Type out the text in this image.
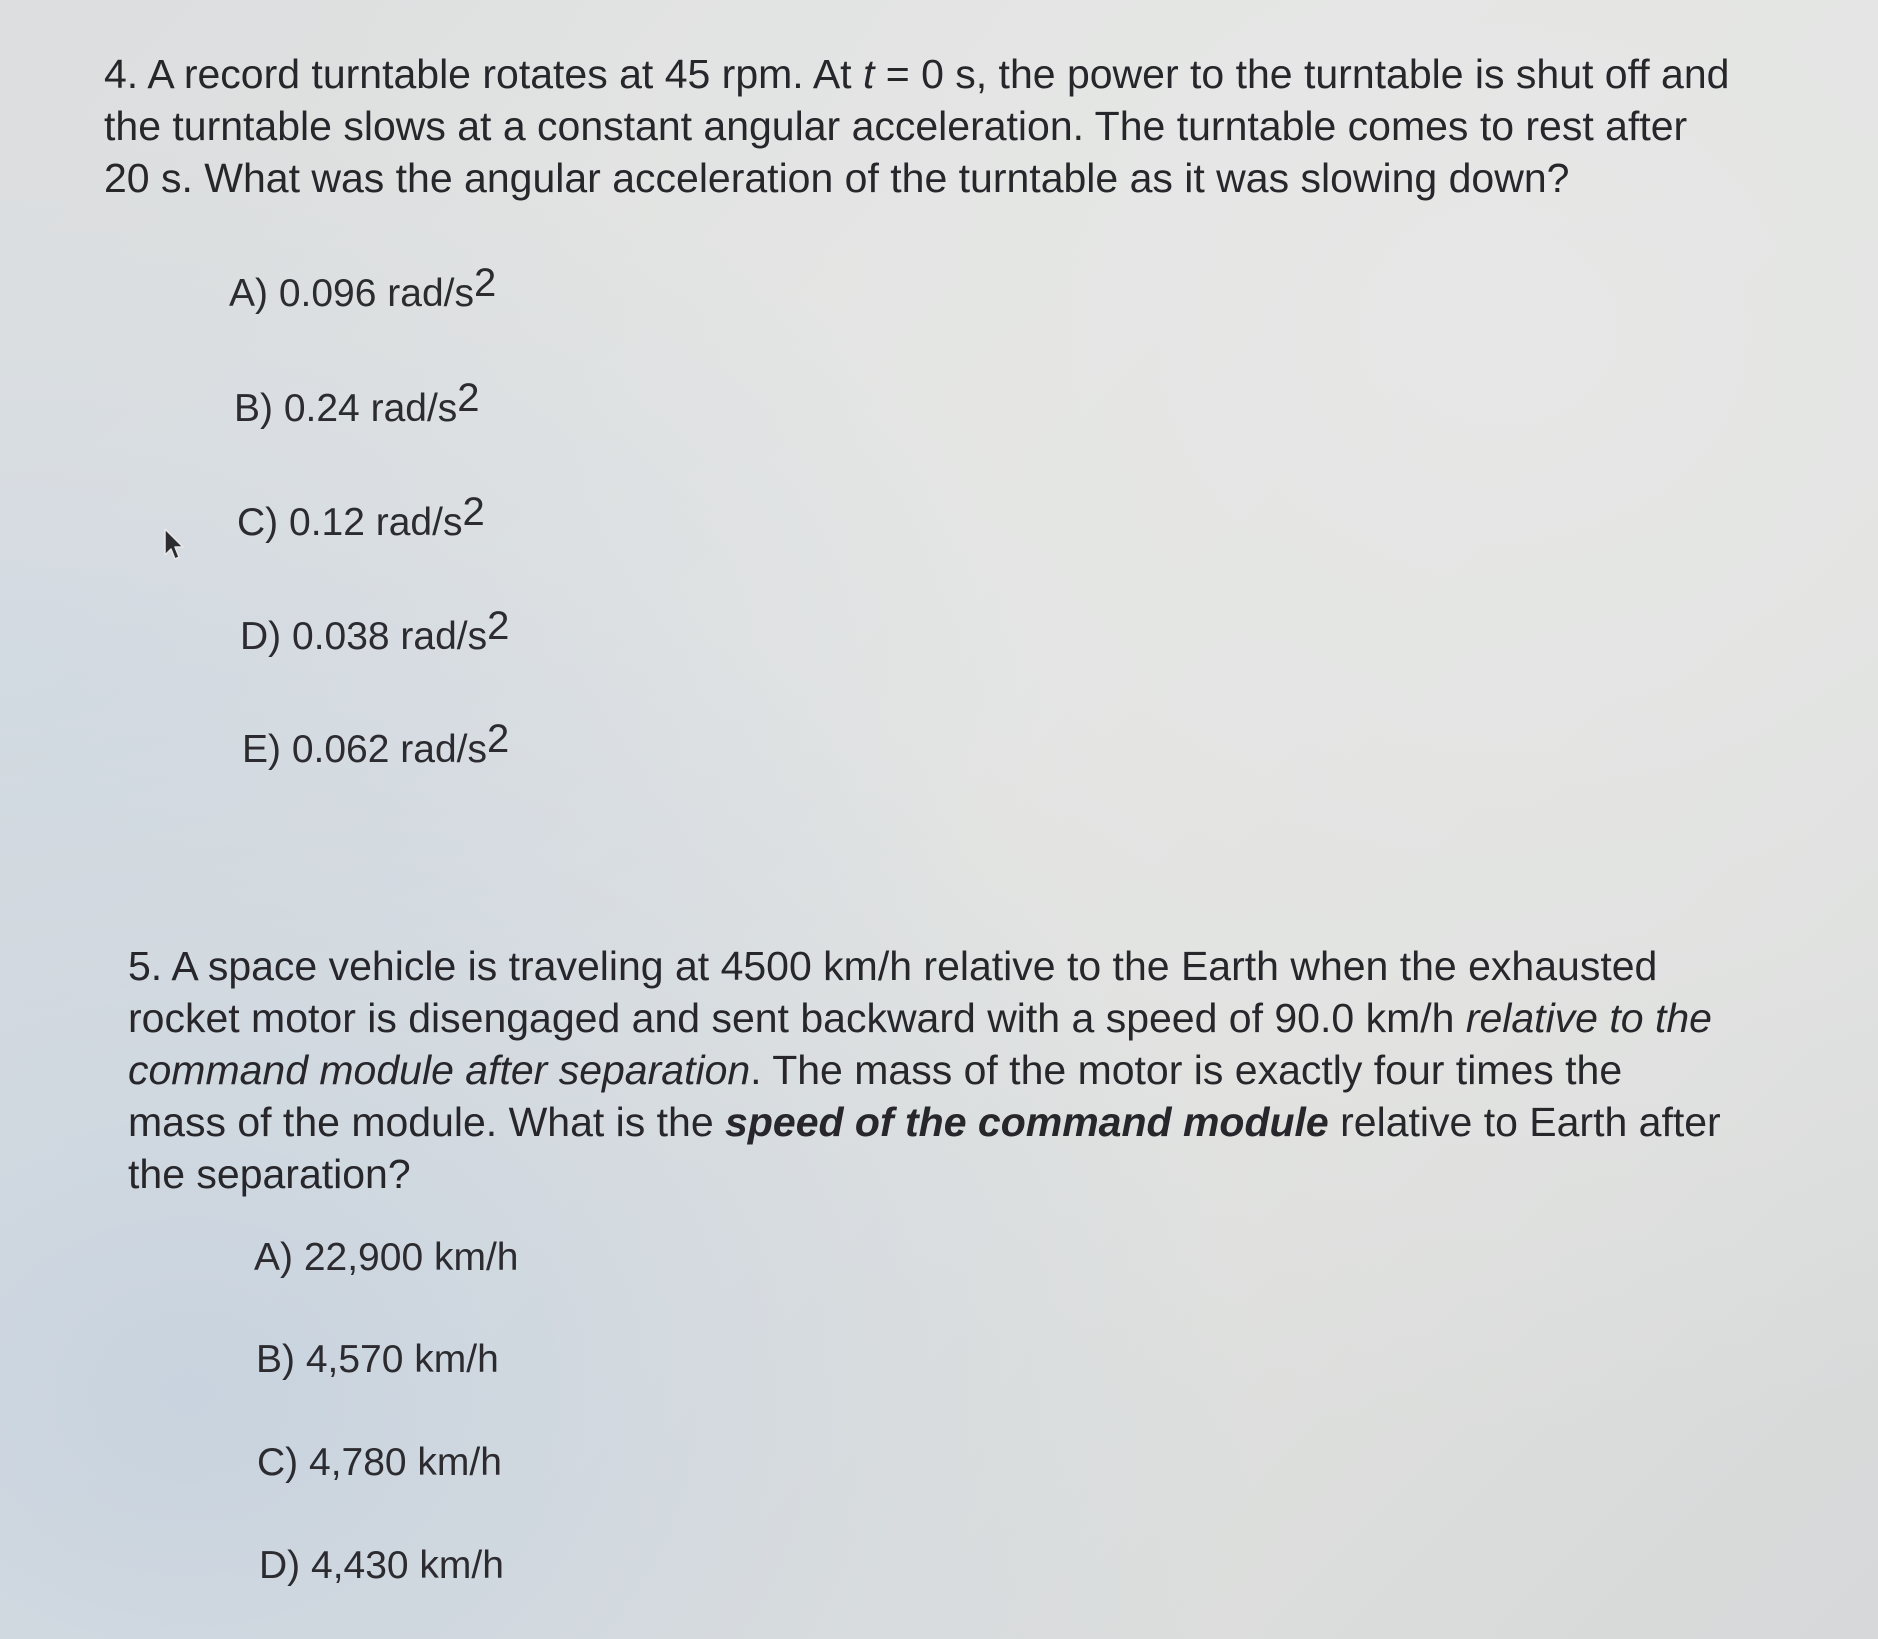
4. A record turntable rotates at 45 rpm. At t = 0 s, the power to the turntable is shut off and the turntable slows at a constant angular acceleration. The turntable comes to rest after 20 s. What was the angular acceleration of the turntable as it was slowing down?

A) 0.096 rad/$s^2$
B) 0.24 rad/$s^2$
C) 0.12 rad/$s^2$
D) 0.038 rad/$s^2$
E) 0.062 rad/$s^2$

5. A space vehicle is traveling at 4500 km/h relative to the Earth when the exhausted rocket motor is disengaged and sent backward with a speed of 90.0 km/h relative to the command module after separation. The mass of the motor is exactly four times the mass of the module. What is the speed of the command module relative to Earth after the separation?

A) 22,900 km/h
B) 4,570 km/h
C) 4,780 km/h
D) 4,430 km/h
